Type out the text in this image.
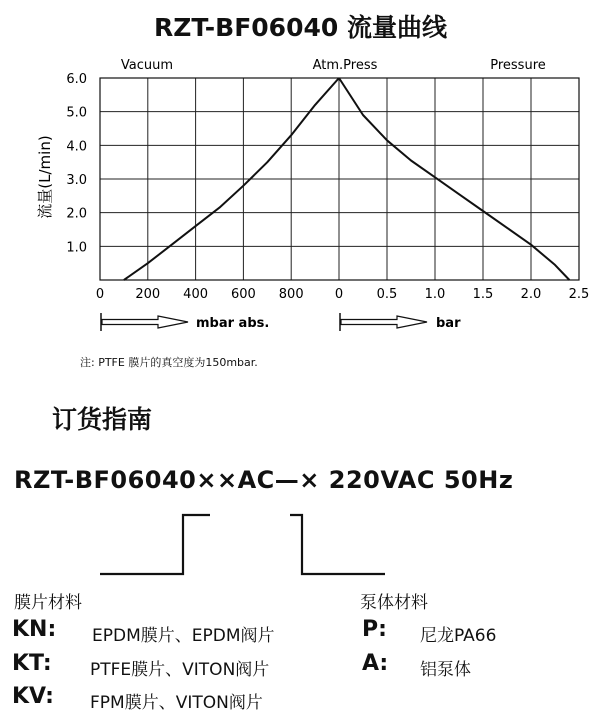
RZT-BF06040 流量曲线
1.0
2.0
3.0
4.0
5.0
6.0
流量(L/min)
0 200 400 600 800 0	0.5 1.0 1.5 2.0 2.5
Vacuum	Atm.Press	Pressure
mbar abs.	bar
注: PTFE 膜片的真空度为150mbar.
订货指南
RZT-BF06040××AC—× 220VAC 50Hz
膜片材料
KN: EPDM膜片、EPDM阀片
KT: PTFE膜片、VITON阀片
KV: FPM膜片、VITON阀片
泵体材料
P: 尼龙PA66
A: 铝泵体
